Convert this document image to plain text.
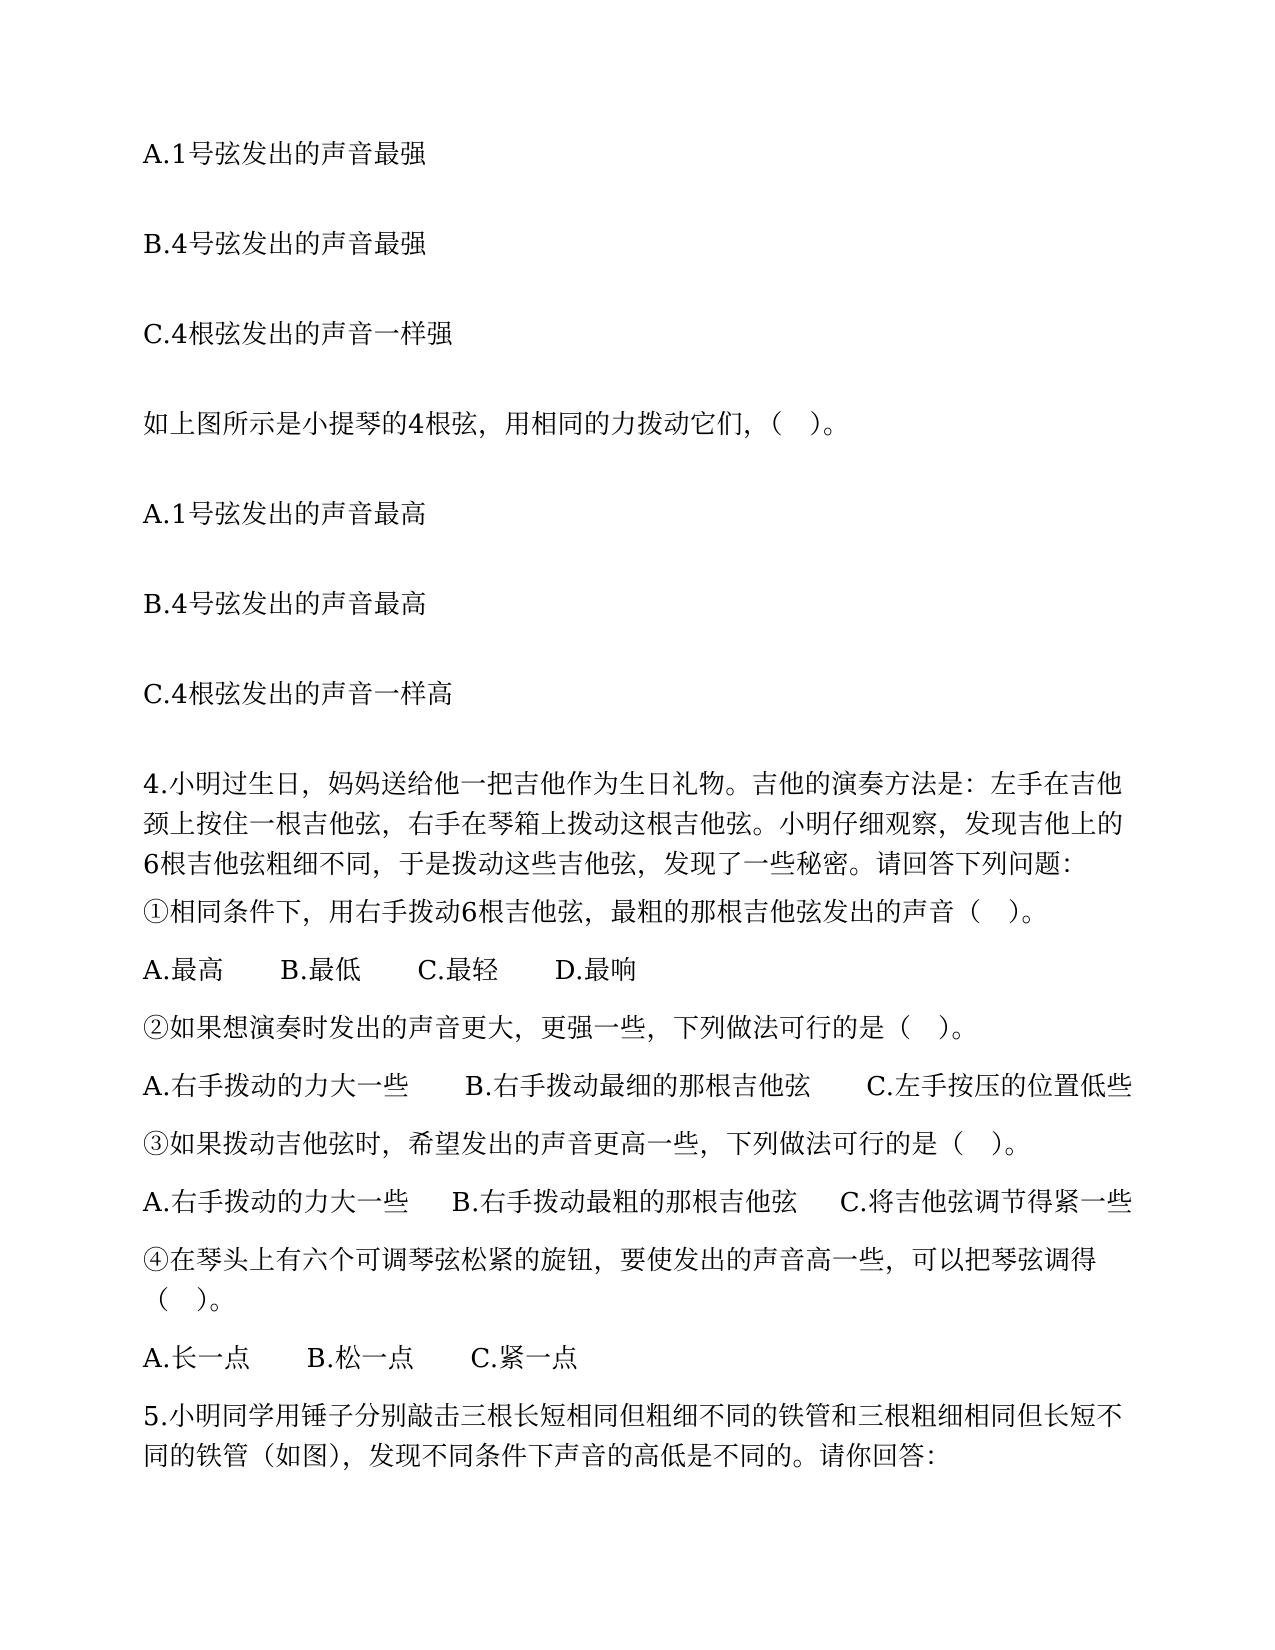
A.1号弦发出的声音最强

B.4号弦发出的声音最强

C.4根弦发出的声音一样强

如上图所示是小提琴的4根弦，用相同的力拨动它们，（　）。

A.1号弦发出的声音最高

B.4号弦发出的声音最高

C.4根弦发出的声音一样高

4.小明过生日，妈妈送给他一把吉他作为生日礼物。吉他的演奏方法是：左手在吉他颈上按住一根吉他弦，右手在琴箱上拨动这根吉他弦。小明仔细观察，发现吉他上的6根吉他弦粗细不同，于是拨动这些吉他弦，发现了一些秘密。请回答下列问题：

①相同条件下，用右手拨动6根吉他弦，最粗的那根吉他弦发出的声音（　）。

A.最高 B.最低 C.最轻 D.最响

②如果想演奏时发出的声音更大，更强一些，下列做法可行的是（　）。

A.右手拨动的力大一些 B.右手拨动最细的那根吉他弦 C.左手按压的位置低些

③如果拨动吉他弦时，希望发出的声音更高一些，下列做法可行的是（　）。

A.右手拨动的力大一些 B.右手拨动最粗的那根吉他弦 C.将吉他弦调节得紧一些

④在琴头上有六个可调琴弦松紧的旋钮，要使发出的声音高一些，可以把琴弦调得（　）。

A.长一点 B.松一点 C.紧一点

5.小明同学用锤子分别敲击三根长短相同但粗细不同的铁管和三根粗细相同但长短不同的铁管（如图），发现不同条件下声音的高低是不同的。请你回答：
